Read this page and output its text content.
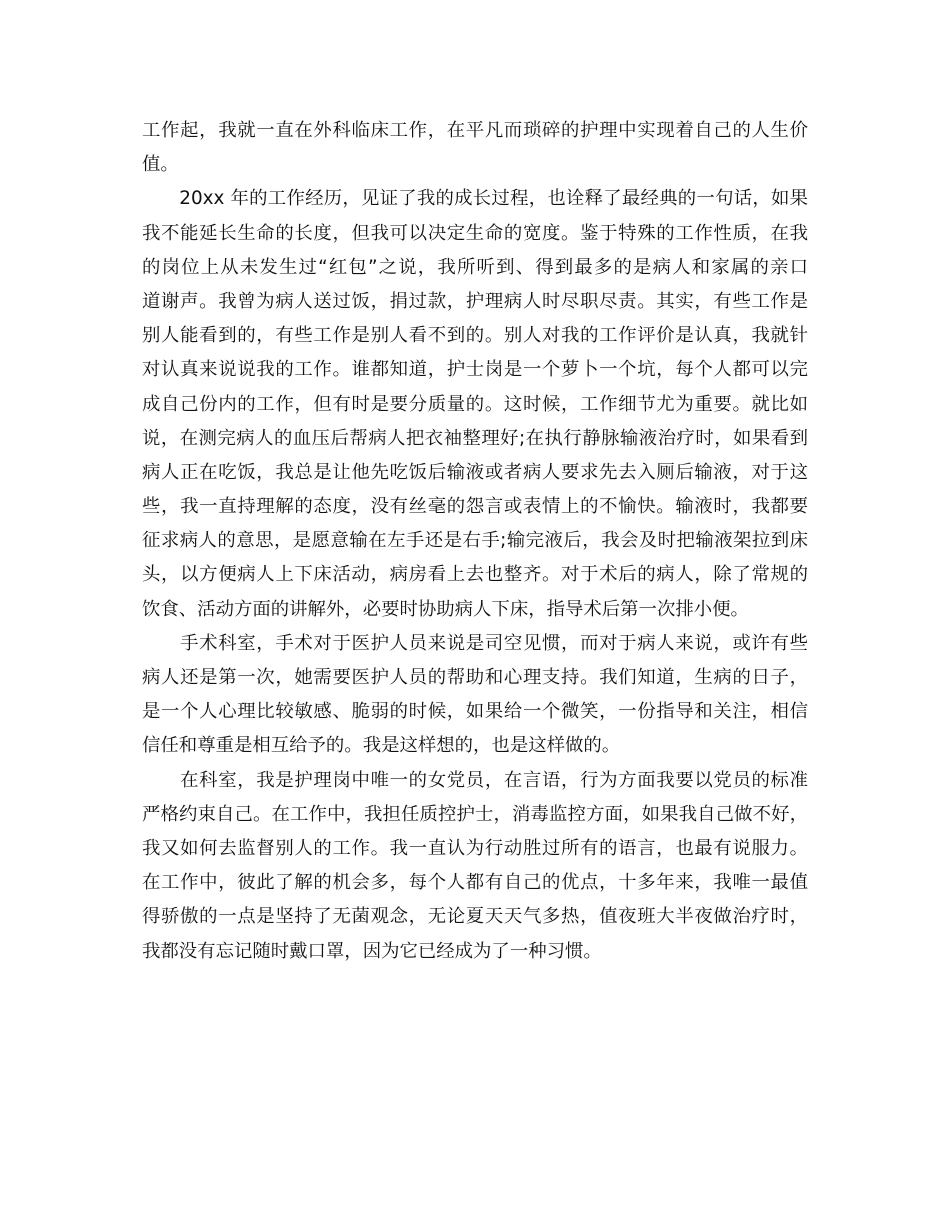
工作起，我就一直在外科临床工作，在平凡而琐碎的护理中实现着自己的人生价
值。
　　20xx 年的工作经历，见证了我的成长过程，也诠释了最经典的一句话，如果
我不能延长生命的长度，但我可以决定生命的宽度。鉴于特殊的工作性质，在我
的岗位上从未发生过“红包”之说，我所听到、得到最多的是病人和家属的亲口
道谢声。我曾为病人送过饭，捐过款，护理病人时尽职尽责。其实，有些工作是
别人能看到的，有些工作是别人看不到的。别人对我的工作评价是认真，我就针
对认真来说说我的工作。谁都知道，护士岗是一个萝卜一个坑，每个人都可以完
成自己份内的工作，但有时是要分质量的。这时候，工作细节尤为重要。就比如
说，在测完病人的血压后帮病人把衣袖整理好;在执行静脉输液治疗时，如果看到
病人正在吃饭，我总是让他先吃饭后输液或者病人要求先去入厕后输液，对于这
些，我一直持理解的态度，没有丝毫的怨言或表情上的不愉快。输液时，我都要
征求病人的意思，是愿意输在左手还是右手;输完液后，我会及时把输液架拉到床
头，以方便病人上下床活动，病房看上去也整齐。对于术后的病人，除了常规的
饮食、活动方面的讲解外，必要时协助病人下床，指导术后第一次排小便。
　　手术科室，手术对于医护人员来说是司空见惯，而对于病人来说，或许有些
病人还是第一次，她需要医护人员的帮助和心理支持。我们知道，生病的日子，
是一个人心理比较敏感、脆弱的时候，如果给一个微笑，一份指导和关注，相信
信任和尊重是相互给予的。我是这样想的，也是这样做的。
　　在科室，我是护理岗中唯一的女党员，在言语，行为方面我要以党员的标准
严格约束自己。在工作中，我担任质控护士，消毒监控方面，如果我自己做不好，
我又如何去监督别人的工作。我一直认为行动胜过所有的语言，也最有说服力。
在工作中，彼此了解的机会多，每个人都有自己的优点，十多年来，我唯一最值
得骄傲的一点是坚持了无菌观念，无论夏天天气多热，值夜班大半夜做治疗时，
我都没有忘记随时戴口罩，因为它已经成为了一种习惯。
